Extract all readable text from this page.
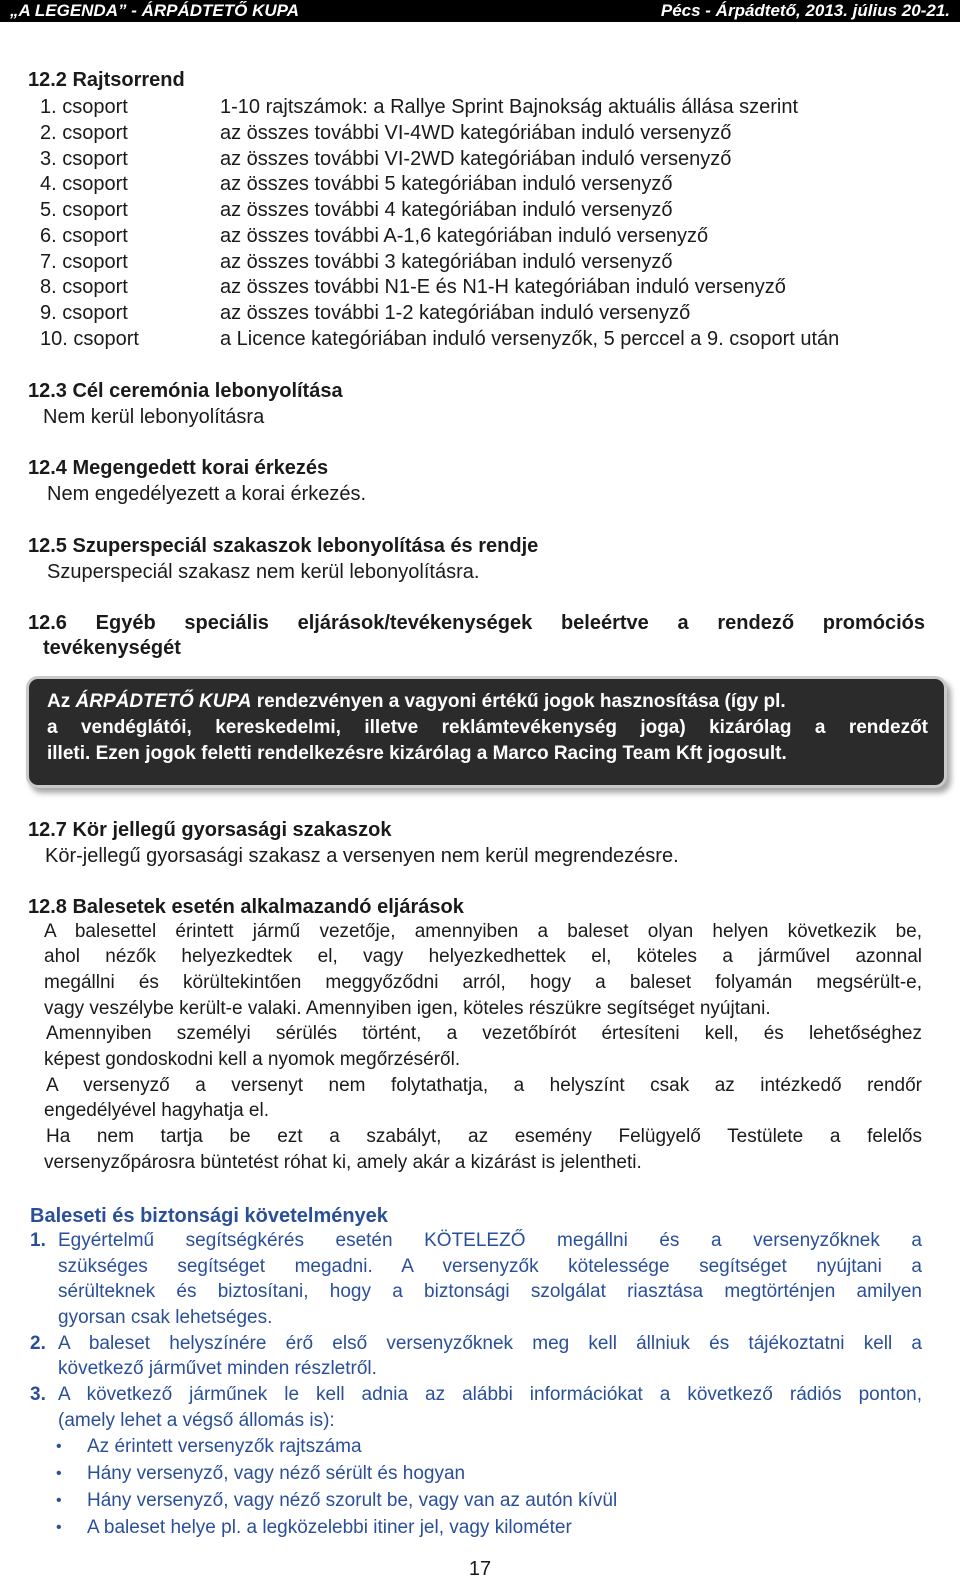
„A LEGENDA” - ÁRPÁDTETŐ KUPA	Pécs - Árpádtető, 2013. július 20-21.
12.2 Rajtsorrend
1. csoport	1-10 rajtszámok: a Rallye Sprint Bajnokság aktuális állása szerint
2. csoport	az összes további VI-4WD kategóriában induló versenyző
3. csoport	az összes további VI-2WD kategóriában induló versenyző
4. csoport	az összes további 5 kategóriában induló versenyző
5. csoport	az összes további 4 kategóriában induló versenyző
6. csoport	az összes további A-1,6 kategóriában induló versenyző
7. csoport	az összes további 3 kategóriában induló versenyző
8. csoport	az összes további N1-E és N1-H kategóriában induló versenyző
9. csoport	az összes további 1-2 kategóriában induló versenyző
10. csoport	a Licence kategóriában induló versenyzők, 5 perccel a 9. csoport után
12.3 Cél ceremónia lebonyolítása
Nem kerül lebonyolításra
12.4 Megengedett korai érkezés
Nem engedélyezett a korai érkezés.
12.5 Szuperspeciál szakaszok lebonyolítása és rendje
Szuperspeciál szakasz nem kerül lebonyolításra.
12.6 Egyéb speciális eljárások/tevékenységek beleértve a rendező promóciós
tevékenységét
Az ÁRPÁDTETŐ KUPA rendezvényen a vagyoni értékű jogok hasznosítása (így pl.
a vendéglátói, kereskedelmi, illetve reklámtevékenység joga) kizárólag a rendezőt
illeti. Ezen jogok feletti rendelkezésre kizárólag a Marco Racing Team Kft jogosult.
12.7 Kör jellegű gyorsasági szakaszok
Kör-jellegű gyorsasági szakasz a versenyen nem kerül megrendezésre.
12.8 Balesetek esetén alkalmazandó eljárások
A balesettel érintett jármű vezetője, amennyiben a baleset olyan helyen következik be,
ahol nézők helyezkedtek el, vagy helyezkedhettek el, köteles a járművel azonnal
megállni és körültekintően meggyőződni arról, hogy a baleset folyamán megsérült-e,
vagy veszélybe került-e valaki. Amennyiben igen, köteles részükre segítséget nyújtani.
Amennyiben személyi sérülés történt, a vezetőbírót értesíteni kell, és lehetőséghez
képest gondoskodni kell a nyomok megőrzéséről.
A versenyző a versenyt nem folytathatja, a helyszínt csak az intézkedő rendőr
engedélyével hagyhatja el.
Ha nem tartja be ezt a szabályt, az esemény Felügyelő Testülete a felelős
versenyzőpárosra büntetést róhat ki, amely akár a kizárást is jelentheti.
Baleseti és biztonsági követelmények
1. Egyértelmű segítségkérés esetén KÖTELEZŐ megállni és a versenyzőknek a
szükséges segítséget megadni. A versenyzők kötelessége segítséget nyújtani a
sérülteknek és biztosítani, hogy a biztonsági szolgálat riasztása megtörténjen amilyen
gyorsan csak lehetséges.
2. A baleset helyszínére érő első versenyzőknek meg kell állniuk és tájékoztatni kell a
következő járművet minden részletről.
3. A következő járműnek le kell adnia az alábbi információkat a következő rádiós ponton,
(amely lehet a végső állomás is):
• Az érintett versenyzők rajtszáma
• Hány versenyző, vagy néző sérült és hogyan
• Hány versenyző, vagy néző szorult be, vagy van az autón kívül
• A baleset helye pl. a legközelebbi itiner jel, vagy kilométer
17
